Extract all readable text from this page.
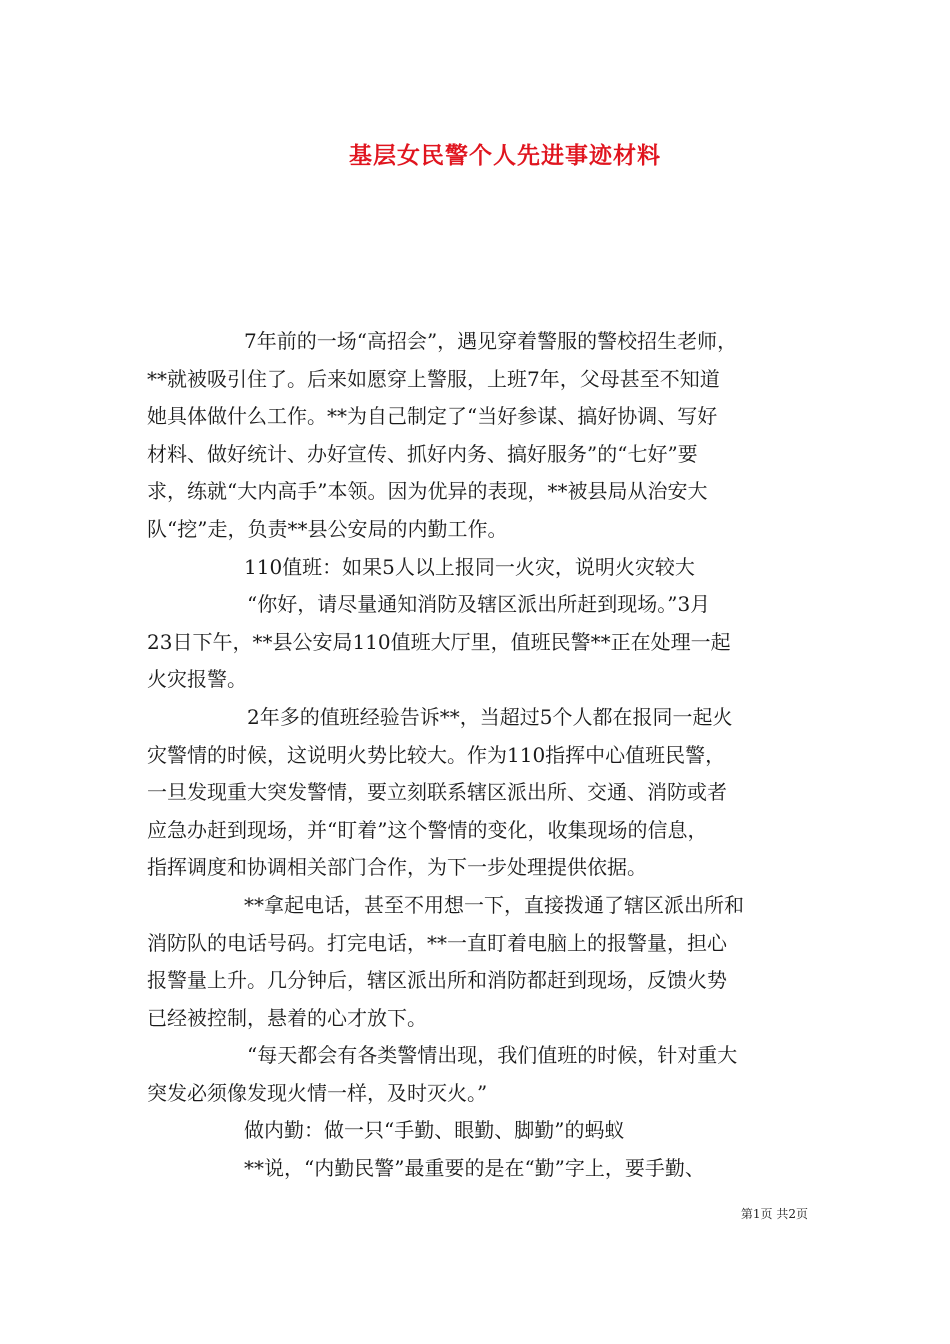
基层女民警个人先进事迹材料
7年前的一场“高招会”，遇见穿着警服的警校招生老师，
**就被吸引住了。后来如愿穿上警服，上班7年，父母甚至不知道
她具体做什么工作。**为自己制定了“当好参谋、搞好协调、写好
材料、做好统计、办好宣传、抓好内务、搞好服务”的“七好”要
求，练就“大内高手”本领。因为优异的表现，**被县局从治安大
队“挖”走，负责**县公安局的内勤工作。
110值班：如果5人以上报同一火灾，说明火灾较大
“你好，请尽量通知消防及辖区派出所赶到现场。”3月
23日下午，**县公安局110值班大厅里，值班民警**正在处理一起
火灾报警。
2年多的值班经验告诉**，当超过5个人都在报同一起火
灾警情的时候，这说明火势比较大。作为110指挥中心值班民警，
一旦发现重大突发警情，要立刻联系辖区派出所、交通、消防或者
应急办赶到现场，并“盯着”这个警情的变化，收集现场的信息，
指挥调度和协调相关部门合作，为下一步处理提供依据。
**拿起电话，甚至不用想一下，直接拨通了辖区派出所和
消防队的电话号码。打完电话，**一直盯着电脑上的报警量，担心
报警量上升。几分钟后，辖区派出所和消防都赶到现场，反馈火势
已经被控制，悬着的心才放下。
“每天都会有各类警情出现，我们值班的时候，针对重大
突发必须像发现火情一样，及时灭火。”
做内勤：做一只“手勤、眼勤、脚勤”的蚂蚁
**说，“内勤民警”最重要的是在“勤”字上，要手勤、
第1页 共2页
